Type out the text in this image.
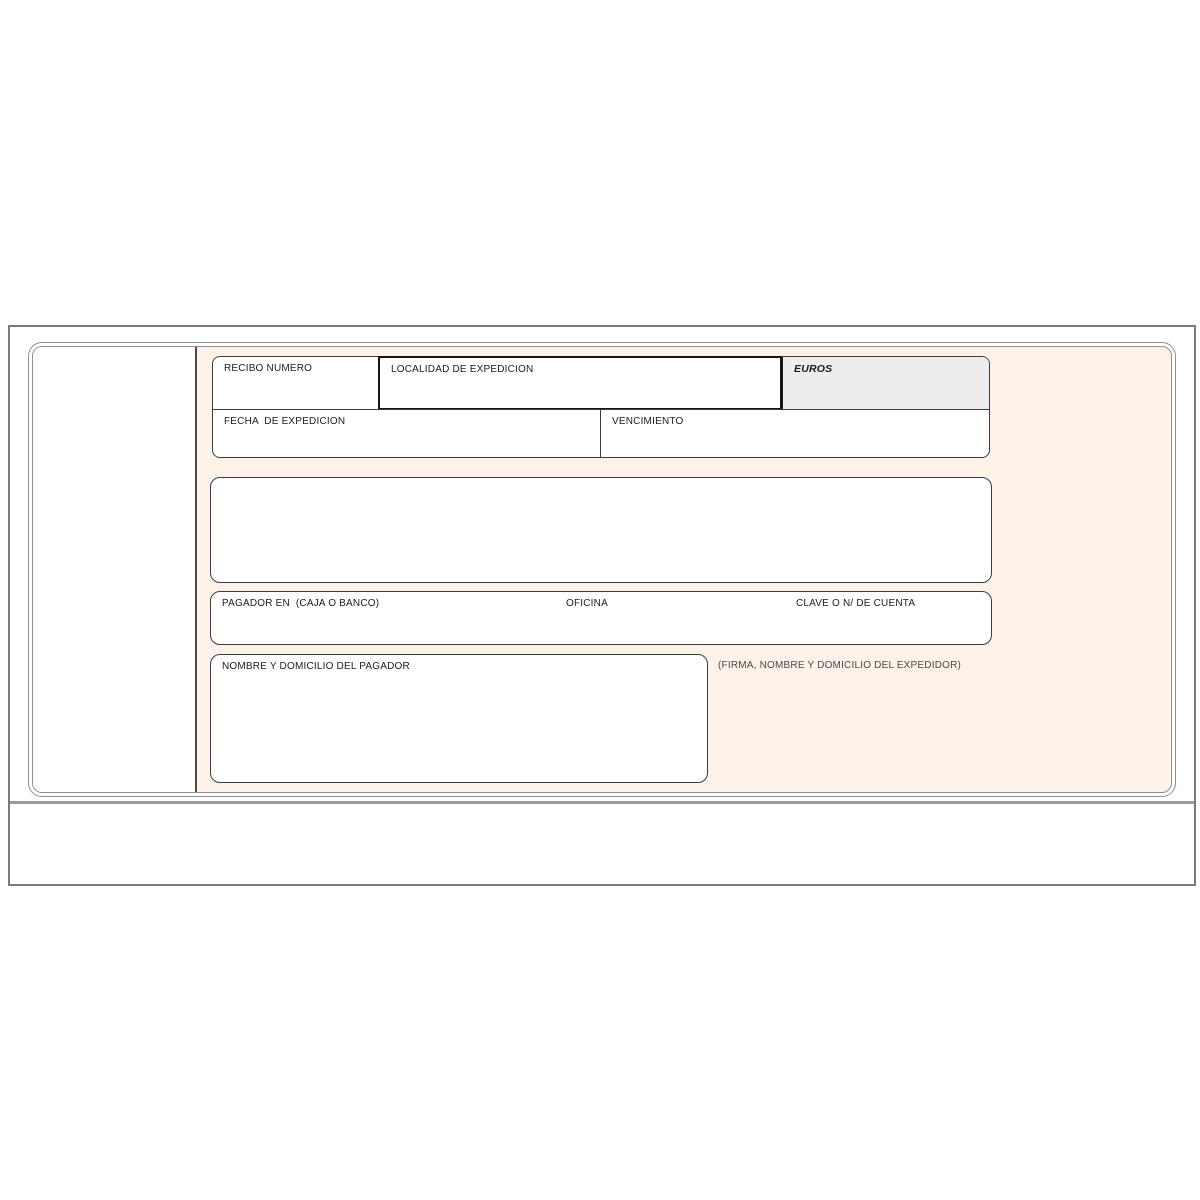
RECIBO NUMERO	LOCALIDAD DE EXPEDICION	EUROS
FECHA  DE EXPEDICION	VENCIMIENTO
PAGADOR EN  (CAJA O BANCO)	OFICINA	CLAVE O N/ DE CUENTA
NOMBRE Y DOMICILIO DEL PAGADOR	(FIRMA, NOMBRE Y DOMICILIO DEL EXPEDIDOR)
